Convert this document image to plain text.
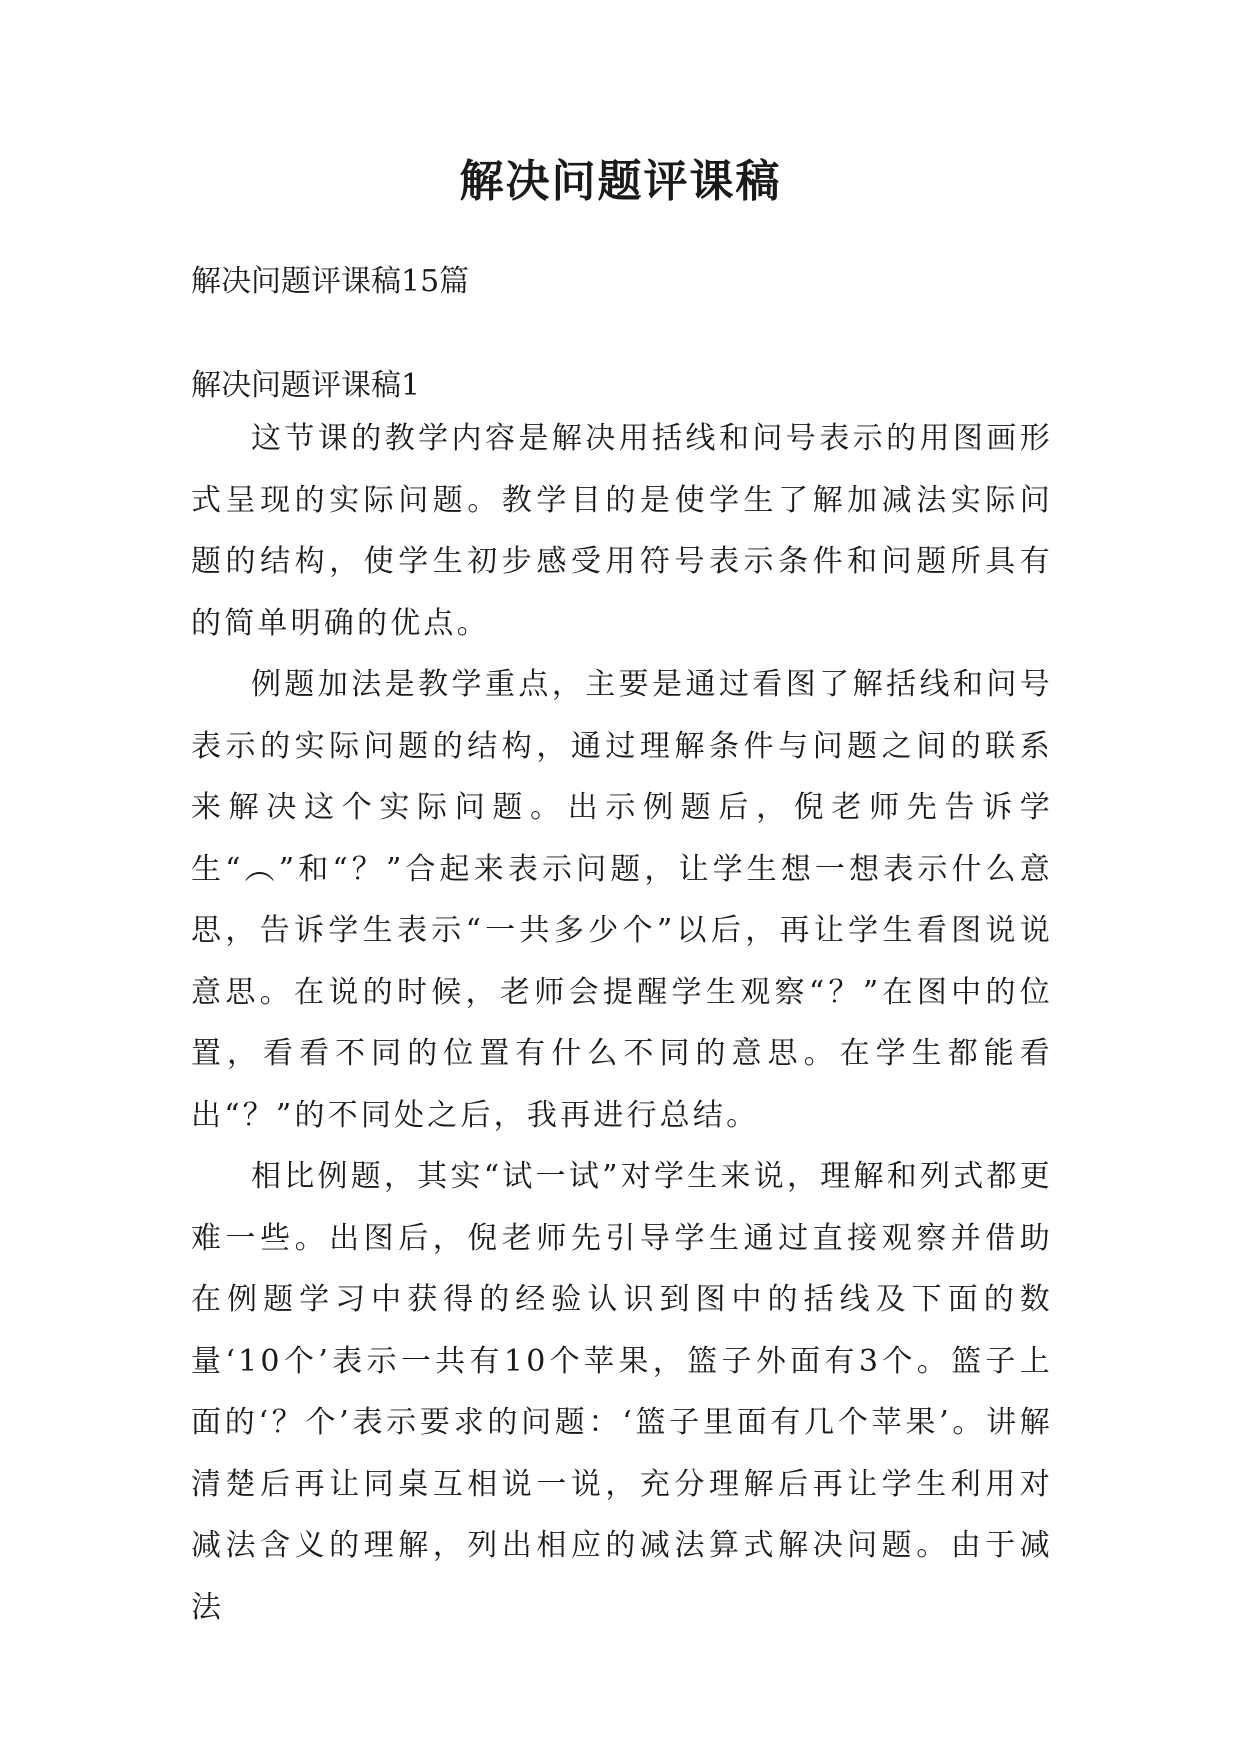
解决问题评课稿
解决问题评课稿15篇
解决问题评课稿1

这节课的教学内容是解决用括线和问号表示的用图画形式呈现的实际问题。教学目的是使学生了解加减法实际问题的结构，使学生初步感受用符号表示条件和问题所具有的简单明确的优点。

例题加法是教学重点，主要是通过看图了解括线和问号表示的实际问题的结构，通过理解条件与问题之间的联系来解决这个实际问题。出示例题后，倪老师先告诉学生“︵”和“？”合起来表示问题，让学生想一想表示什么意思，告诉学生表示“一共多少个”以后，再让学生看图说说意思。在说的时候，老师会提醒学生观察“？”在图中的位置，看看不同的位置有什么不同的意思。在学生都能看出“？”的不同处之后，我再进行总结。

相比例题，其实“试一试”对学生来说，理解和列式都更难一些。出图后，倪老师先引导学生通过直接观察并借助在例题学习中获得的经验认识到图中的括线及下面的数量‘10个’表示一共有10个苹果，篮子外面有3个。篮子上面的‘？个’表示要求的问题：‘篮子里面有几个苹果’。讲解清楚后再让同桌互相说一说，充分理解后再让学生利用对减法含义的理解，列出相应的减法算式解决问题。由于减法
